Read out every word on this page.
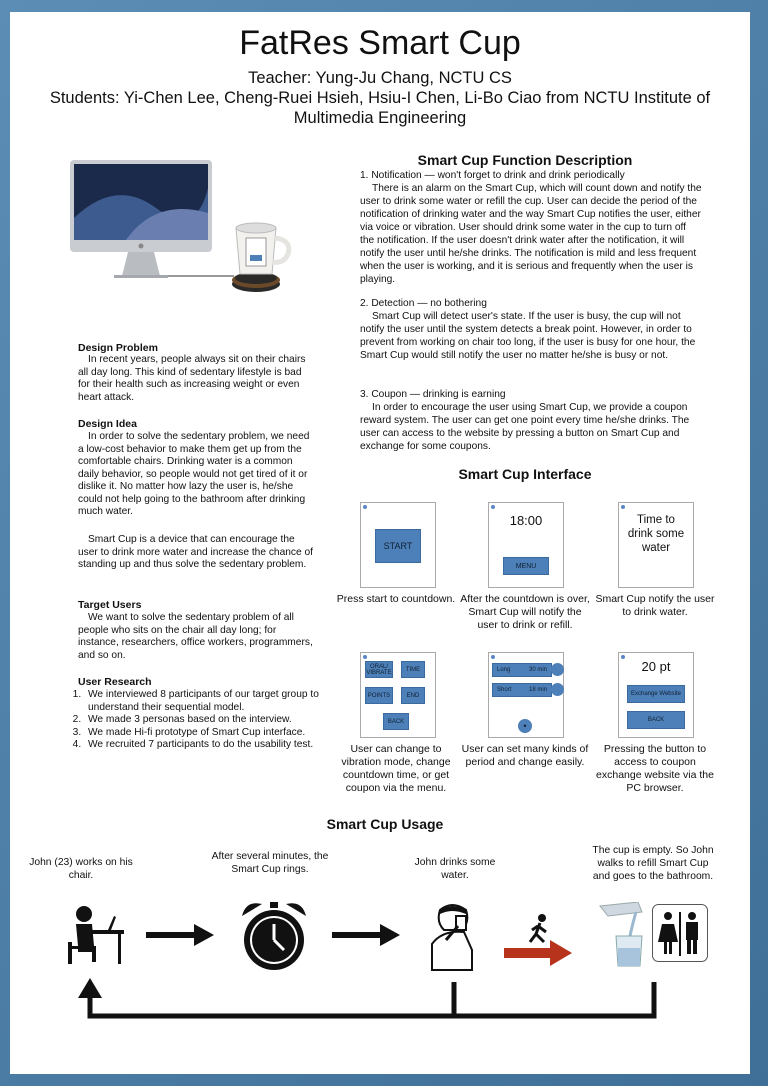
FatRes Smart Cup
Teacher: Yung-Ju Chang, NCTU CS
Students: Yi-Chen Lee, Cheng-Ruei Hsieh, Hsiu-I Chen, Li-Bo Ciao from NCTU Institute of
Multimedia Engineering
Design Problem
In recent years, people always sit on their chairs all day long. This kind of sedentary lifestyle is bad for their health such as increasing weight or even heart attack.
Design Idea
In order to solve the sedentary problem, we need a low-cost behavior to make them get up from the comfortable chairs. Drinking water is a common daily behavior, so people would not get tired of it or dislike it. No matter how lazy the user is, he/she could not help going to the bathroom after drinking much water.
Smart Cup is a device that can encourage the user to drink more water and increase the chance of standing up and thus solve the sedentary problem.
Target Users
We want to solve the sedentary problem of all people who sits on the chair all day long; for instance, researchers, office workers, programmers, and so on.
User Research
1. We interviewed 8 participants of our target group to understand their sequential model.
2. We made 3 personas based on the interview.
3. We made Hi-fi prototype of Smart Cup interface.
4. We recruited 7 participants to do the usability test.
Smart Cup Function Description
1. Notification — won't forget to drink and drink periodically
There is an alarm on the Smart Cup, which will count down and notify the user to drink some water or refill the cup. User can decide the period of the notification of drinking water and the way Smart Cup notifies the user, either via voice or vibration. User should drink some water in the cup to turn off the notification. If the user doesn't drink water after the notification, it will notify the user until he/she drinks. The notification is mild and less frequent when the user is working, and it is serious and frequently when the user is playing.
2. Detection — no bothering
Smart Cup will detect user's state. If the user is busy, the cup will not notify the user until the system detects a break point. However, in order to prevent from working on chair too long, if the user is busy for one hour, the Smart Cup would still notify the user no matter he/she is busy or not.
3. Coupon — drinking is earning
In order to encourage the user using Smart Cup, we provide a coupon reward system. The user can get one point every time he/she drinks. The user can access to the website by pressing a button on Smart Cup and exchange for some coupons.
Smart Cup Interface
START
Press start to countdown.
18:00
MENU
After the countdown is over, Smart Cup will notify the user to drink or refill.
Time to drink some water
Smart Cup notify the user to drink water.
ORAL/ VIBRATE	TIME
POINTS	END
BACK
User can change to vibration mode, change countdown time, or get coupon via the menu.
Long	30 min
Short	18 min
•
User can set many kinds of period and change easily.
20 pt
Exchange Website
BACK
Pressing the button to access to coupon exchange website via the PC browser.
Smart Cup Usage
John (23) works on his chair.
After several minutes, the Smart Cup rings.
John drinks some water.
The cup is empty. So John walks to refill Smart Cup and goes to the bathroom.
